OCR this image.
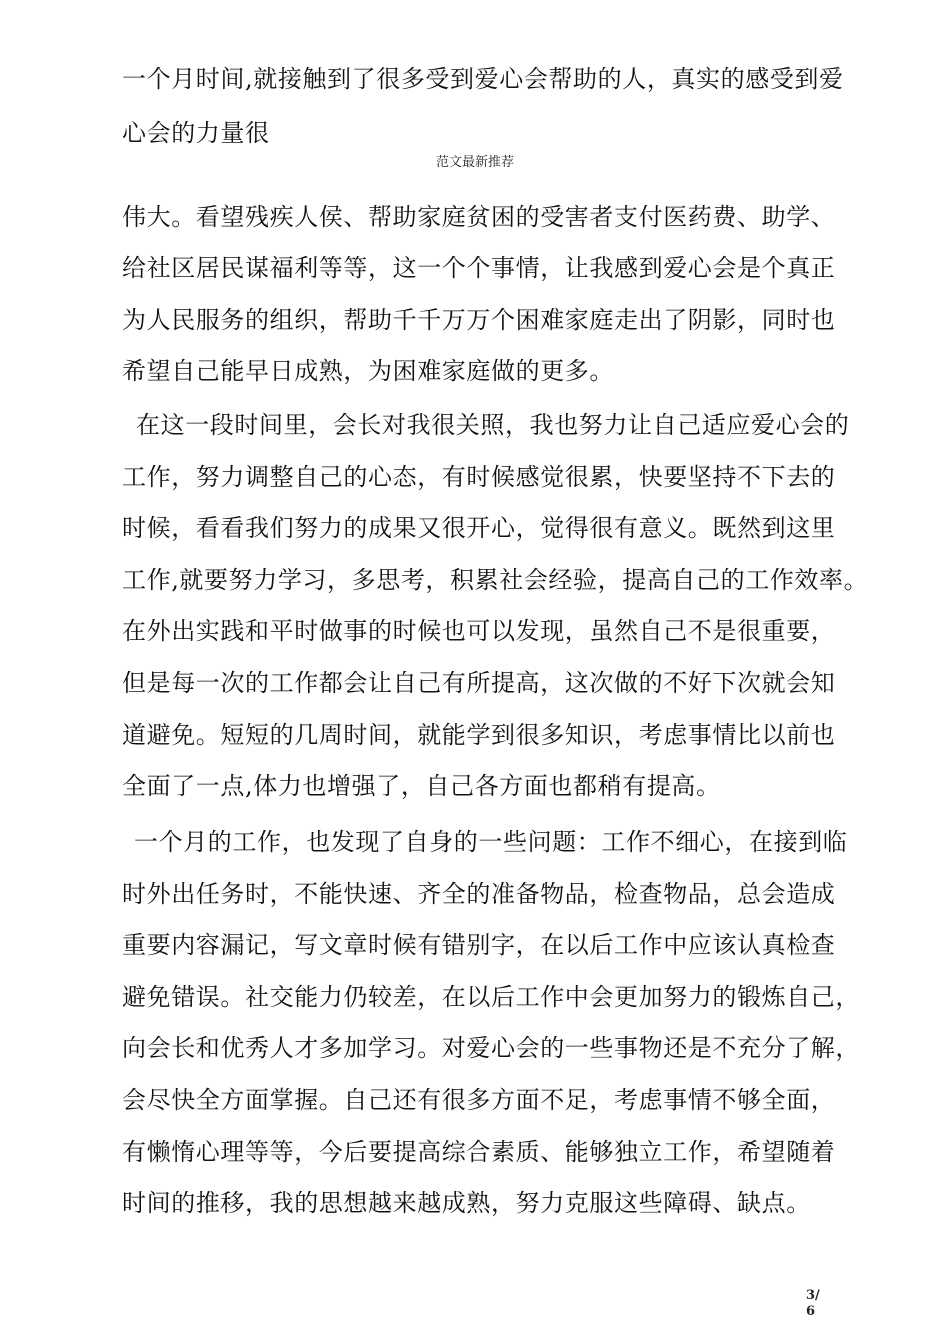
一个月时间,就接触到了很多受到爱心会帮助的人，真实的感受到爱
心会的力量很
范文最新推荐
伟大。看望残疾人侯、帮助家庭贫困的受害者支付医药费、助学、
给社区居民谋福利等等，这一个个事情，让我感到爱心会是个真正
为人民服务的组织，帮助千千万万个困难家庭走出了阴影，同时也
希望自己能早日成熟，为困难家庭做的更多。
在这一段时间里，会长对我很关照，我也努力让自己适应爱心会的
工作，努力调整自己的心态，有时候感觉很累，快要坚持不下去的
时候，看看我们努力的成果又很开心，觉得很有意义。既然到这里
工作,就要努力学习，多思考，积累社会经验，提高自己的工作效率。
在外出实践和平时做事的时候也可以发现，虽然自己不是很重要，
但是每一次的工作都会让自己有所提高，这次做的不好下次就会知
道避免。短短的几周时间，就能学到很多知识，考虑事情比以前也
全面了一点,体力也增强了，自己各方面也都稍有提高。
一个月的工作，也发现了自身的一些问题：工作不细心，在接到临
时外出任务时，不能快速、齐全的准备物品，检查物品，总会造成
重要内容漏记，写文章时候有错别字，在以后工作中应该认真检查
避免错误。社交能力仍较差，在以后工作中会更加努力的锻炼自己，
向会长和优秀人才多加学习。对爱心会的一些事物还是不充分了解，
会尽快全方面掌握。自己还有很多方面不足，考虑事情不够全面，
有懒惰心理等等，今后要提高综合素质、能够独立工作，希望随着
时间的推移，我的思想越来越成熟，努力克服这些障碍、缺点。
3/
6
